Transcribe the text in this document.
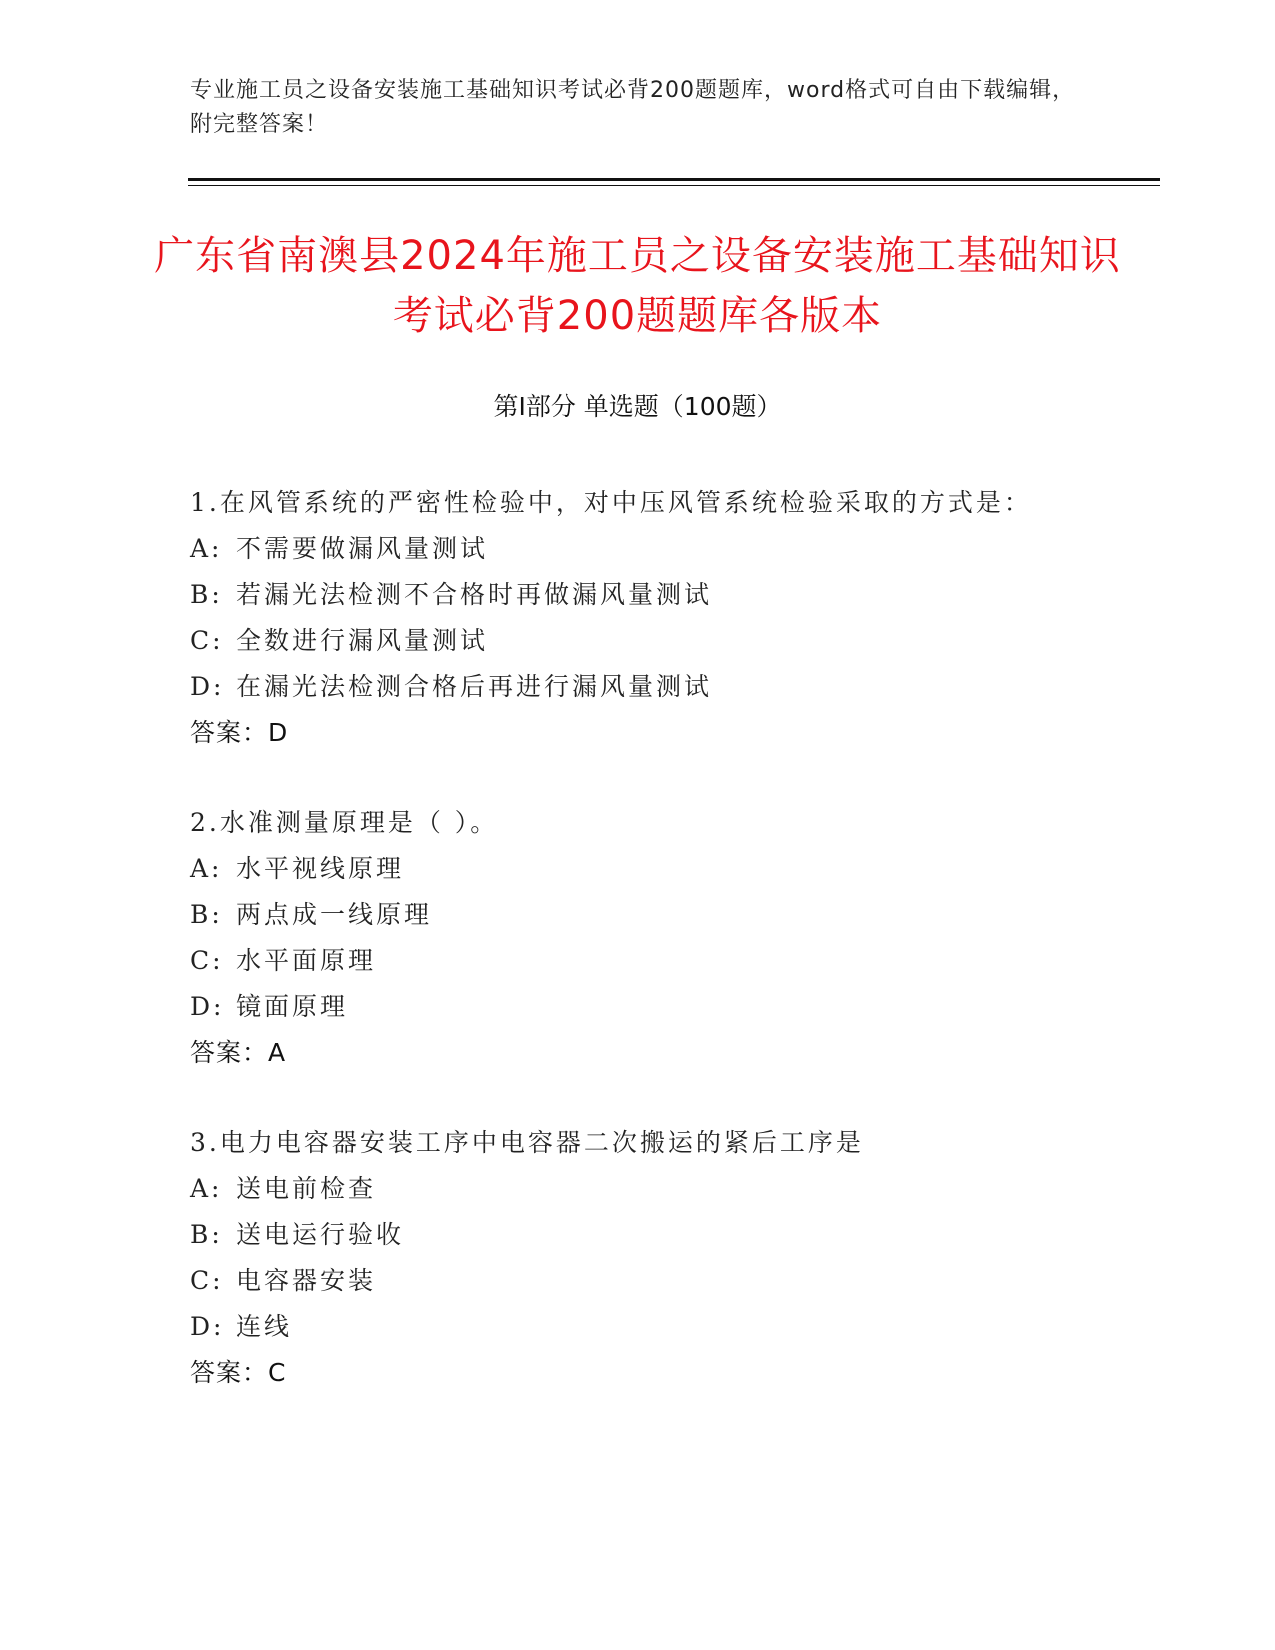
专业施工员之设备安装施工基础知识考试必背200题题库，word格式可自由下载编辑，附完整答案！
广东省南澳县2024年施工员之设备安装施工基础知识考试必背200题题库各版本
第Ⅰ部分 单选题（100题）
1.在风管系统的严密性检验中，对中压风管系统检验采取的方式是：
A: 不需要做漏风量测试
B: 若漏光法检测不合格时再做漏风量测试
C: 全数进行漏风量测试
D: 在漏光法检测合格后再进行漏风量测试
答案：D
2.水准测量原理是（ ）。
A: 水平视线原理
B: 两点成一线原理
C: 水平面原理
D: 镜面原理
答案：A
3.电力电容器安装工序中电容器二次搬运的紧后工序是
A: 送电前检查
B: 送电运行验收
C: 电容器安装
D: 连线
答案：C
